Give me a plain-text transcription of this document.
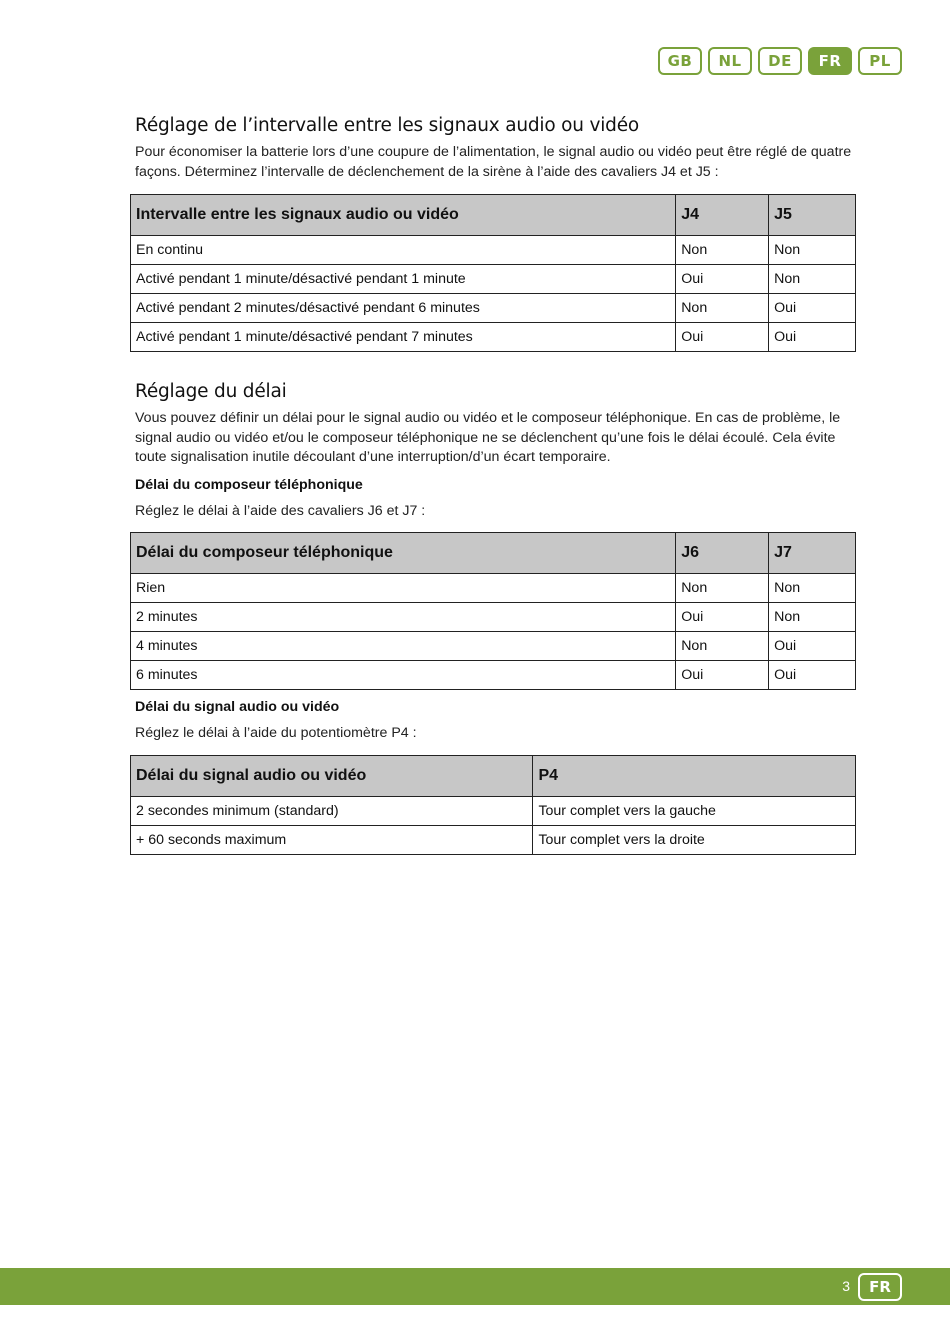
GB	NL	DE	FR	PL
Réglage de l’intervalle entre les signaux audio ou vidéo

Pour économiser la batterie lors d’une coupure de l’alimentation, le signal audio ou vidéo peut être réglé de quatre façons. Déterminez l’intervalle de déclenchement de la sirène à l’aide des cavaliers J4 et J5 :

Intervalle entre les signaux audio ou vidéo	J4	J5
En continu	Non	Non
Activé pendant 1 minute/désactivé pendant 1 minute	Oui	Non
Activé pendant 2 minutes/désactivé pendant 6 minutes	Non	Oui
Activé pendant 1 minute/désactivé pendant 7 minutes	Oui	Oui
Réglage du délai

Vous pouvez définir un délai pour le signal audio ou vidéo et le composeur téléphonique. En cas de problème, le signal audio ou vidéo et/ou le composeur téléphonique ne se déclenchent qu’une fois le délai écoulé. Cela évite toute signalisation inutile découlant d’une interruption/d’un écart temporaire.

Délai du composeur téléphonique

Réglez le délai à l’aide des cavaliers J6 et J7 :

Délai du composeur téléphonique	J6	J7
Rien	Non	Non
2 minutes	Oui	Non
4 minutes	Non	Oui
6 minutes	Oui	Oui
Délai du signal audio ou vidéo

Réglez le délai à l’aide du potentiomètre P4 :

Délai du signal audio ou vidéo	P4
2 secondes minimum (standard)	Tour complet vers la gauche
+ 60 seconds maximum	Tour complet vers la droite
3	FR
